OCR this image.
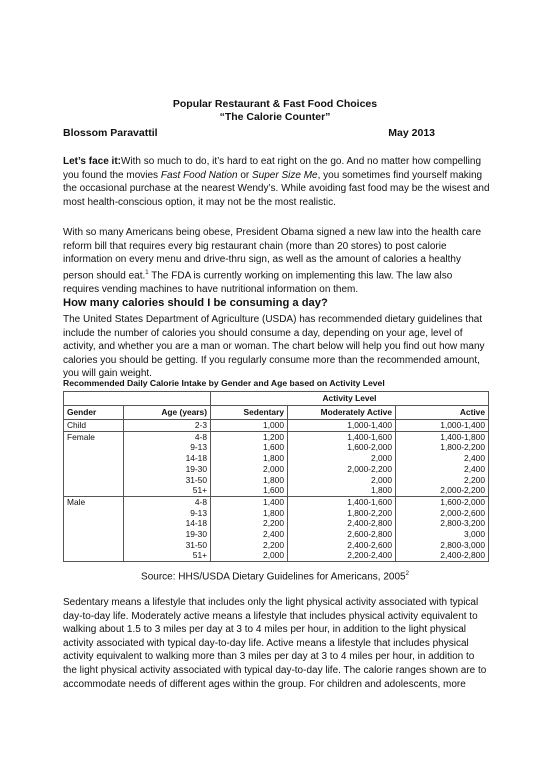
Popular Restaurant & Fast Food Choices
“The Calorie Counter”
Blossom Paravattil	May 2013

Let’s face it:With so much to do, it’s hard to eat right on the go. And no matter how compelling you found the movies Fast Food Nation or Super Size Me, you sometimes find yourself making the occasional purchase at the nearest Wendy’s. While avoiding fast food may be the wisest and most health-conscious option, it may not be the most realistic.

With so many Americans being obese, President Obama signed a new law into the health care reform bill that requires every big restaurant chain (more than 20 stores) to post calorie information on every menu and drive-thru sign, as well as the amount of calories a healthy person should eat.$^1$ The FDA is currently working on implementing this law. The law also requires vending machines to have nutritional information on them.

How many calories should I be consuming a day?

The United States Department of Agriculture (USDA) has recommended dietary guidelines that include the number of calories you should consume a day, depending on your age, level of activity, and whether you are a man or woman. The chart below will help you find out how many calories you should be getting. If you regularly consume more than the recommended amount, you will gain weight.

Recommended Daily Calorie Intake by Gender and Age based on Activity Level
		Activity Level		
Gender	Age (years)	Sedentary	Moderately Active	Active
Child	2-3	1,000	1,000-1,400	1,000-1,400
Female	4-8	1,200	1,400-1,600	1,400-1,800
	9-13	1,600	1,600-2,000	1,800-2,200
	14-18	1,800	2,000	2,400
	19-30	2,000	2,000-2,200	2,400
	31-50	1,800	2,000	2,200
	51+	1,600	1,800	2,000-2,200
Male	4-8	1,400	1,400-1,600	1,600-2,000
	9-13	1,800	1,800-2,200	2,000-2,600
	14-18	2,200	2,400-2,800	2,800-3,200
	19-30	2,400	2,600-2,800	3,000
	31-50	2,200	2,400-2,600	2,800-3,000
	51+	2,000	2,200-2,400	2,400-2,800
Source: HHS/USDA Dietary Guidelines for Americans, 2005$^2$

Sedentary means a lifestyle that includes only the light physical activity associated with typical day-to-day life. Moderately active means a lifestyle that includes physical activity equivalent to walking about 1.5 to 3 miles per day at 3 to 4 miles per hour, in addition to the light physical activity associated with typical day-to-day life. Active means a lifestyle that includes physical activity equivalent to walking more than 3 miles per day at 3 to 4 miles per hour, in addition to the light physical activity associated with typical day-to-day life. The calorie ranges shown are to accommodate needs of different ages within the group. For children and adolescents, more
